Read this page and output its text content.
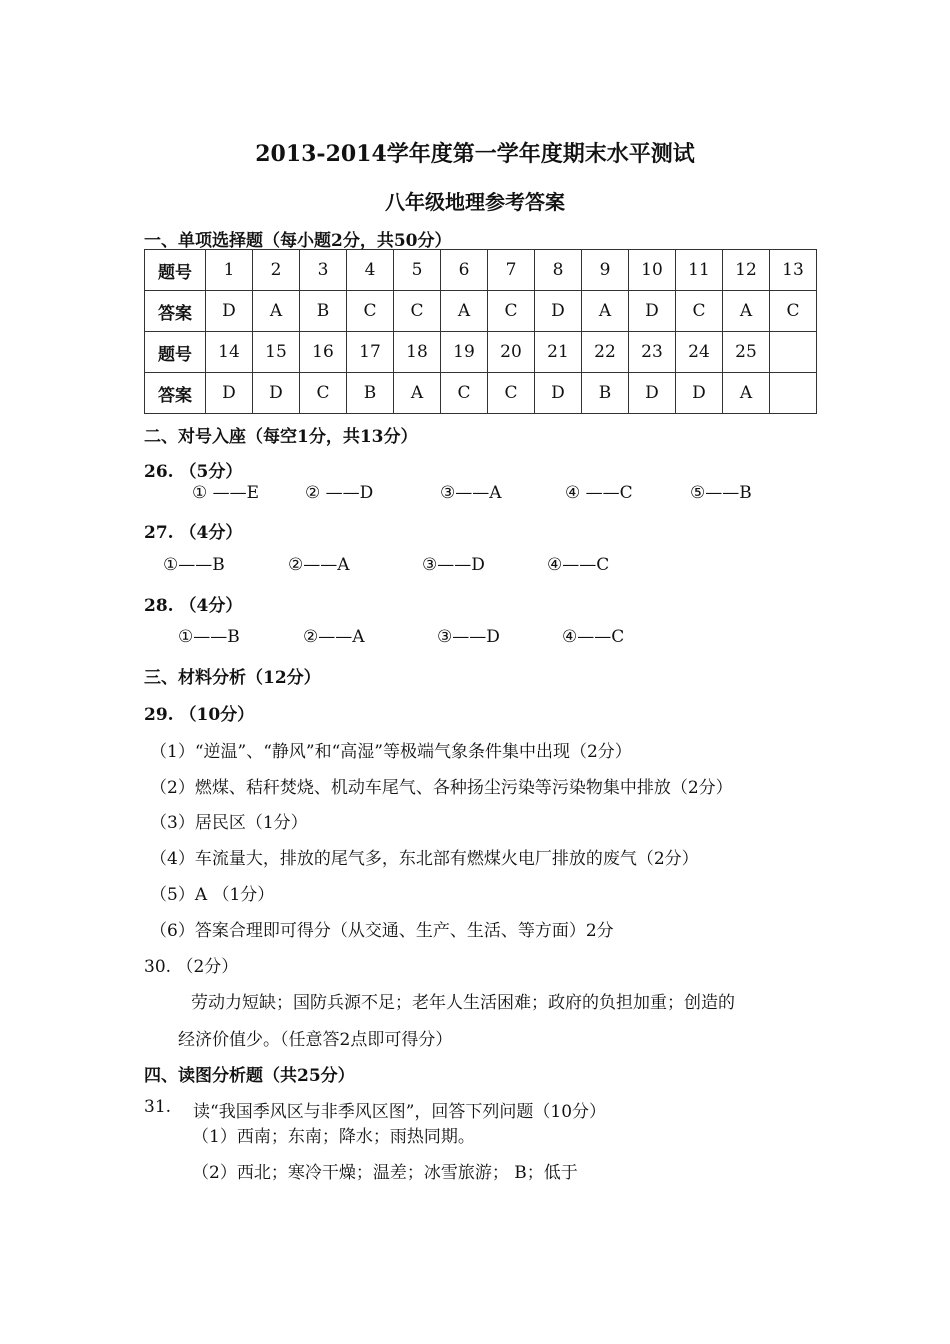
2013-2014学年度第一学年度期末水平测试
八年级地理参考答案
一、单项选择题（每小题2分，共50分）
题号	1	2	3	4	5	6	7	8	9	10	11	12	13
答案	D	A	B	C	C	A	C	D	A	D	C	A	C
题号	14	15	16	17	18	19	20	21	22	23	24	25	
答案	D	D	C	B	A	C	C	D	B	D	D	A	
二、对号入座（每空1分，共13分）
26. （5分）
① ——E	② ——D	③——A	④ ——C	⑤——B
27. （4分）
①——B	②——A	③——D	④——C
28. （4分）
①——B	②——A	③——D	④——C
三、材料分析（12分）
29. （10分）
（1）“逆温”、“静风”和“高湿”等极端气象条件集中出现（2分）
（2）燃煤、秸秆焚烧、机动车尾气、各种扬尘污染等污染物集中排放（2分）
（3）居民区（1分）
（4）车流量大，排放的尾气多，东北部有燃煤火电厂排放的废气（2分）
（5）A （1分）
（6）答案合理即可得分（从交通、生产、生活、等方面）2分
30. （2分）
劳动力短缺；国防兵源不足；老年人生活困难；政府的负担加重；创造的
经济价值少。（任意答2点即可得分）
四、读图分析题（共25分）
31. 读“我国季风区与非季风区图”，回答下列问题（10分）
（1）西南；东南；降水；雨热同期。
（2）西北；寒冷干燥；温差；冰雪旅游； B；低于
